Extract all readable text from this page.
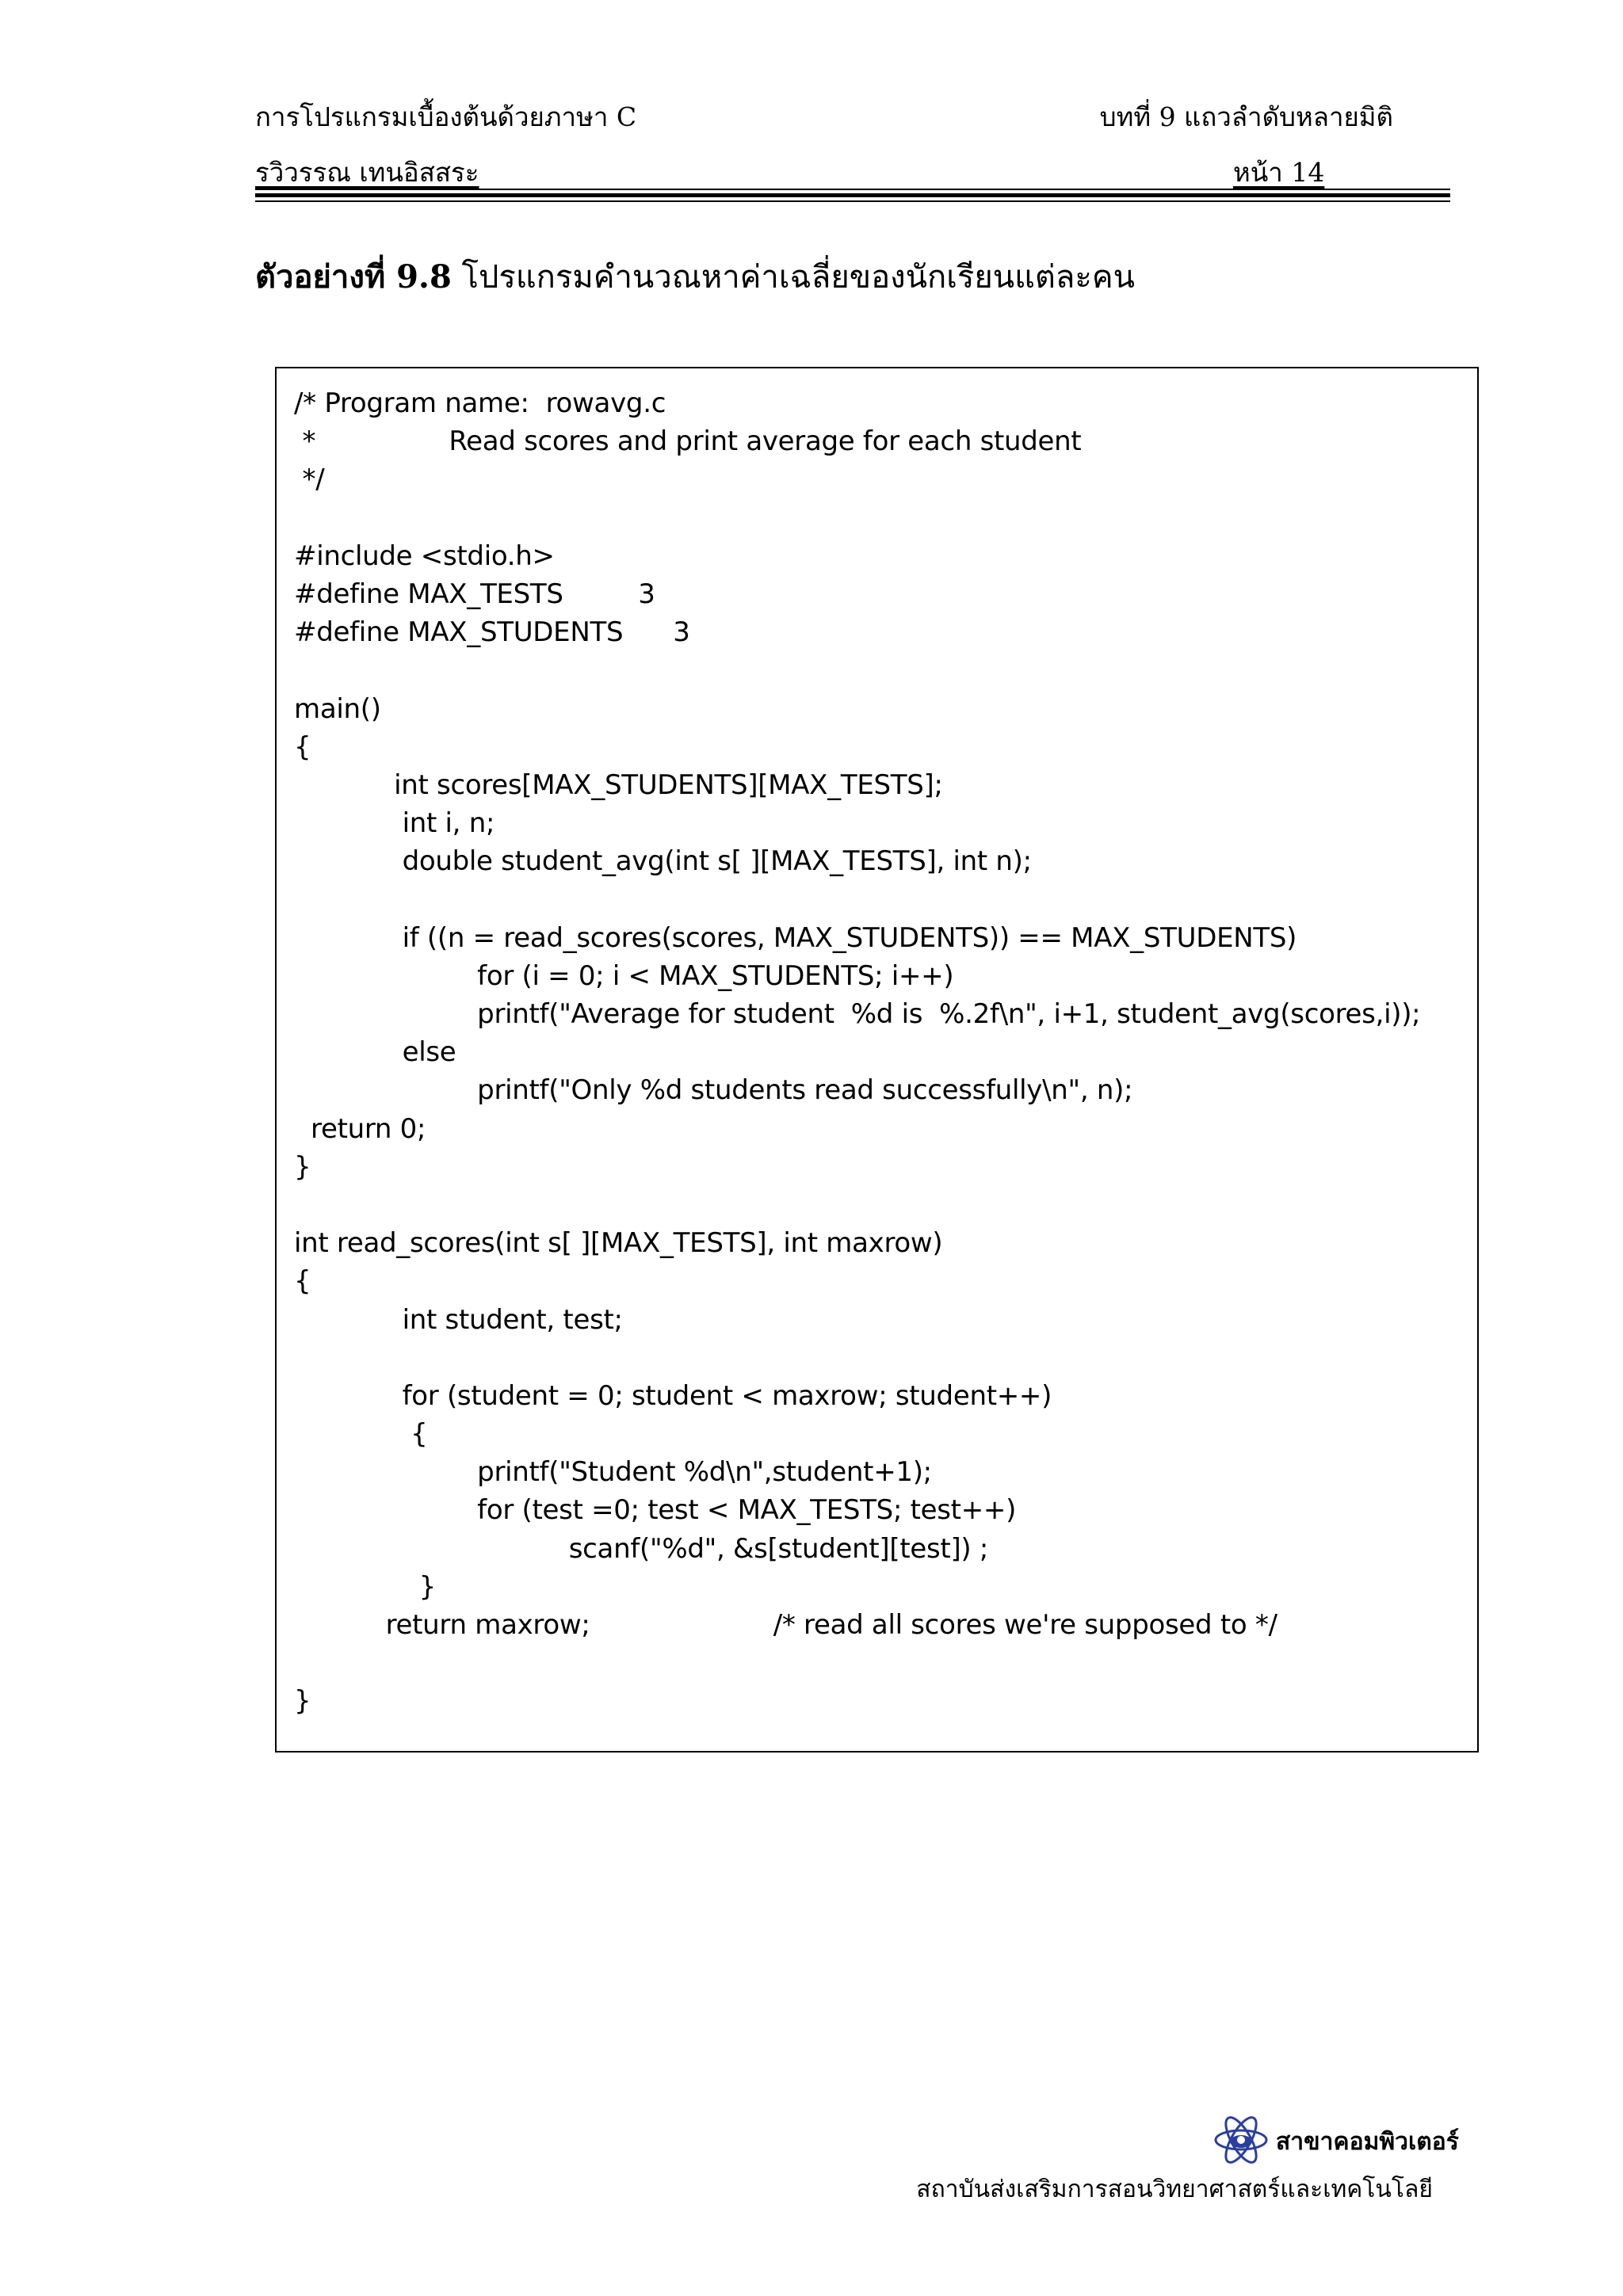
การโปรแกรมเบื้องต้นด้วยภาษา C	บทที่ 9 แถวลำดับหลายมิติ
รวิวรรณ เทนอิสสระ	หน้า 14
ตัวอย่างที่ 9.8 โปรแกรมคำนวณหาค่าเฉลี่ยของนักเรียนแต่ละคน
/* Program name:  rowavg.c
*                Read scores and print average for each student
*/
#include <stdio.h>
#define MAX_TESTS         3
#define MAX_STUDENTS      3
main()
{
int scores[MAX_STUDENTS][MAX_TESTS];
int i, n;
double student_avg(int s[ ][MAX_TESTS], int n);
if ((n = read_scores(scores, MAX_STUDENTS)) == MAX_STUDENTS)
for (i = 0; i < MAX_STUDENTS; i++)
printf("Average for student  %d is  %.2f\n", i+1, student_avg(scores,i));
else
printf("Only %d students read successfully\n", n);
return 0;
}
int read_scores(int s[ ][MAX_TESTS], int maxrow)
{
int student, test;
for (student = 0; student < maxrow; student++)
{
printf("Student %d\n",student+1);
for (test =0; test < MAX_TESTS; test++)
scanf("%d", &s[student][test]) ;
}
return maxrow;                      /* read all scores we're supposed to */
}
สาขาคอมพิวเตอร์
สถาบันส่งเสริมการสอนวิทยาศาสตร์และเทคโนโลยี
